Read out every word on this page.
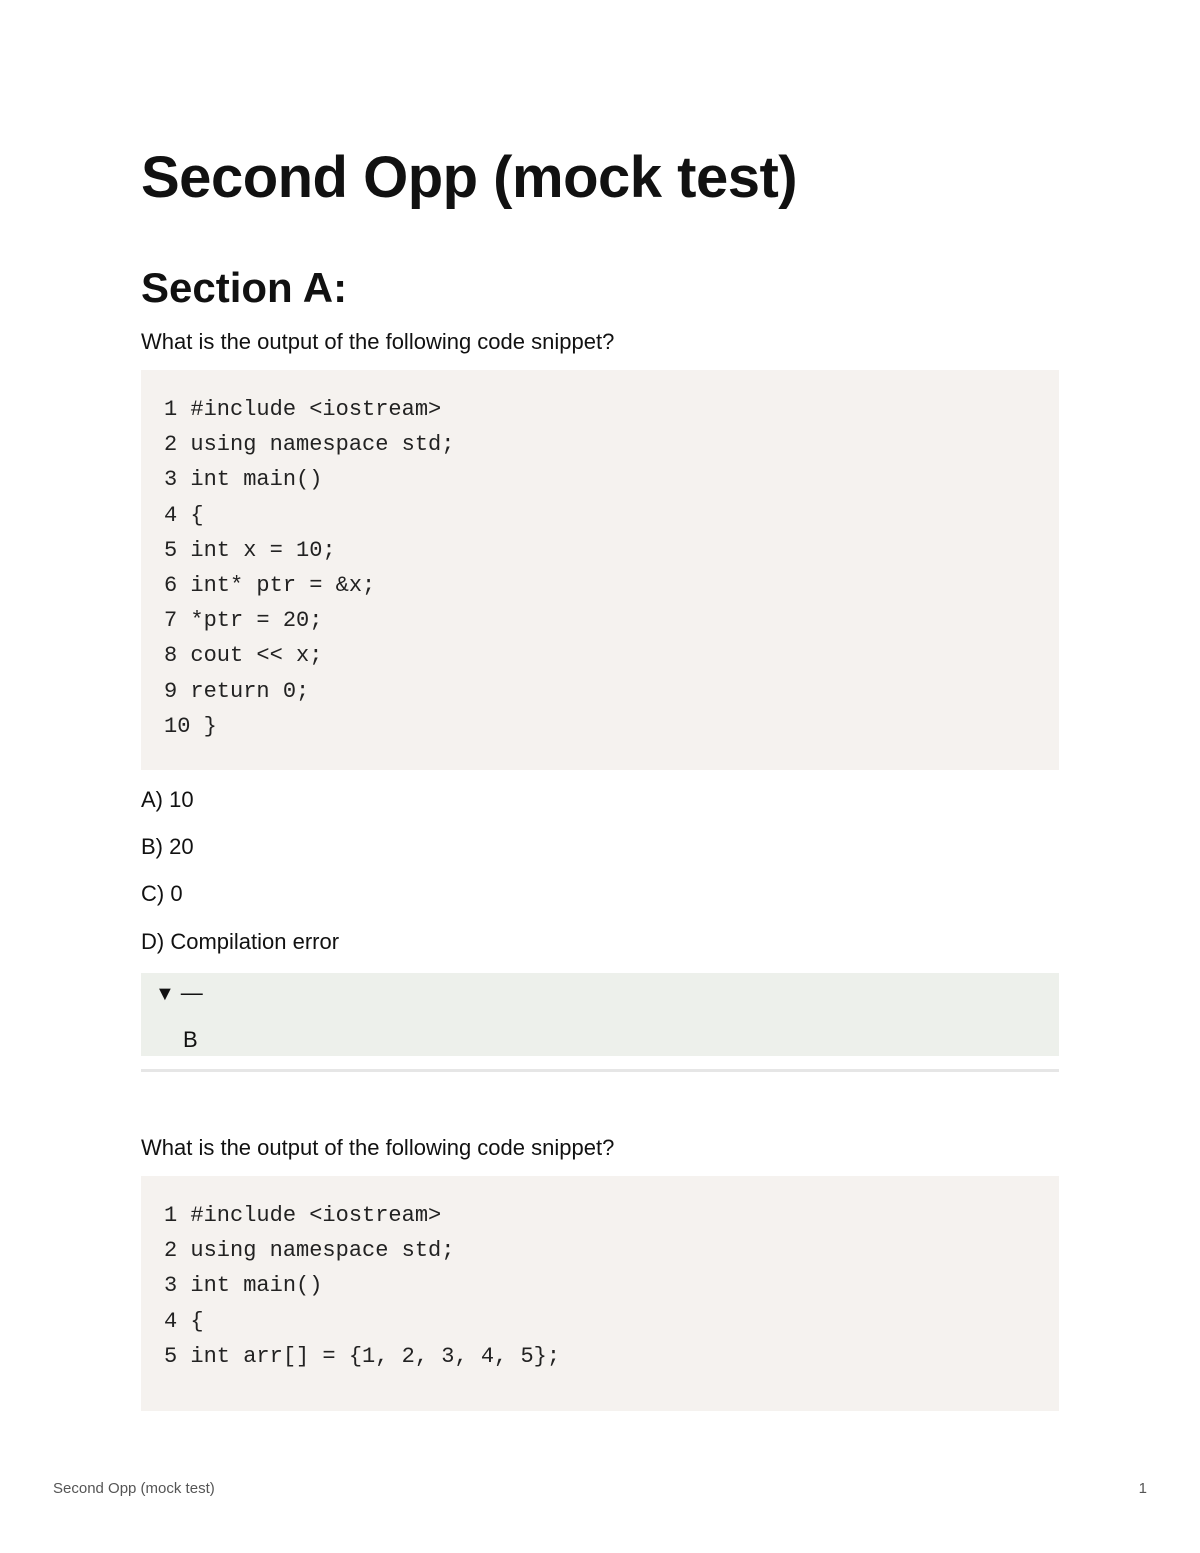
Second Opp (mock test)
Section A:

What is the output of the following code snippet?

1 #include <iostream>
2 using namespace std;
3 int main()
4 {
5 int x = 10;
6 int* ptr = &x;
7 *ptr = 20;
8 cout << x;
9 return 0;
10 }

A) 10

B) 20

C) 0

D) Compilation error

▼ —
B

What is the output of the following code snippet?

1 #include <iostream>
2 using namespace std;
3 int main()
4 {
5 int arr[] = {1, 2, 3, 4, 5};
Second Opp (mock test)	1
